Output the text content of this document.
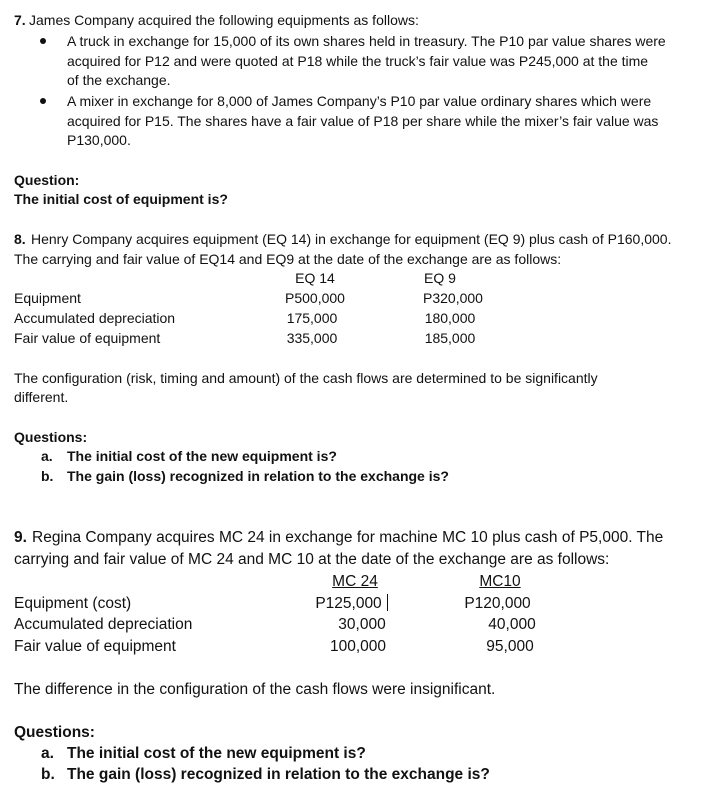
7. James Company acquired the following equipments as follows:
A truck in exchange for 15,000 of its own shares held in treasury. The P10 par value shares were
acquired for P12 and were quoted at P18 while the truck’s fair value was P245,000 at the time
of the exchange.
A mixer in exchange for 8,000 of James Company’s P10 par value ordinary shares which were
acquired for P15. The shares have a fair value of P18 per share while the mixer’s fair value was
P130,000.
Question:
The initial cost of equipment is?
8. Henry Company acquires equipment (EQ 14) in exchange for equipment (EQ 9) plus cash of P160,000.
The carrying and fair value of EQ14 and EQ9 at the date of the exchange are as follows:
EQ 14	EQ 9
Equipment	P500,000	P320,000
Accumulated depreciation	175,000	180,000
Fair value of equipment	335,000	185,000
The configuration (risk, timing and amount) of the cash flows are determined to be significantly
different.
Questions:
a. The initial cost of the new equipment is?
b. The gain (loss) recognized in relation to the exchange is?
9. Regina Company acquires MC 24 in exchange for machine MC 10 plus cash of P5,000. The
carrying and fair value of MC 24 and MC 10 at the date of the exchange are as follows:
MC 24	MC10
Equipment (cost)	P125,000	P120,000
Accumulated depreciation	30,000	40,000
Fair value of equipment	100,000	95,000
The difference in the configuration of the cash flows were insignificant.
Questions:
a. The initial cost of the new equipment is?
b. The gain (loss) recognized in relation to the exchange is?
